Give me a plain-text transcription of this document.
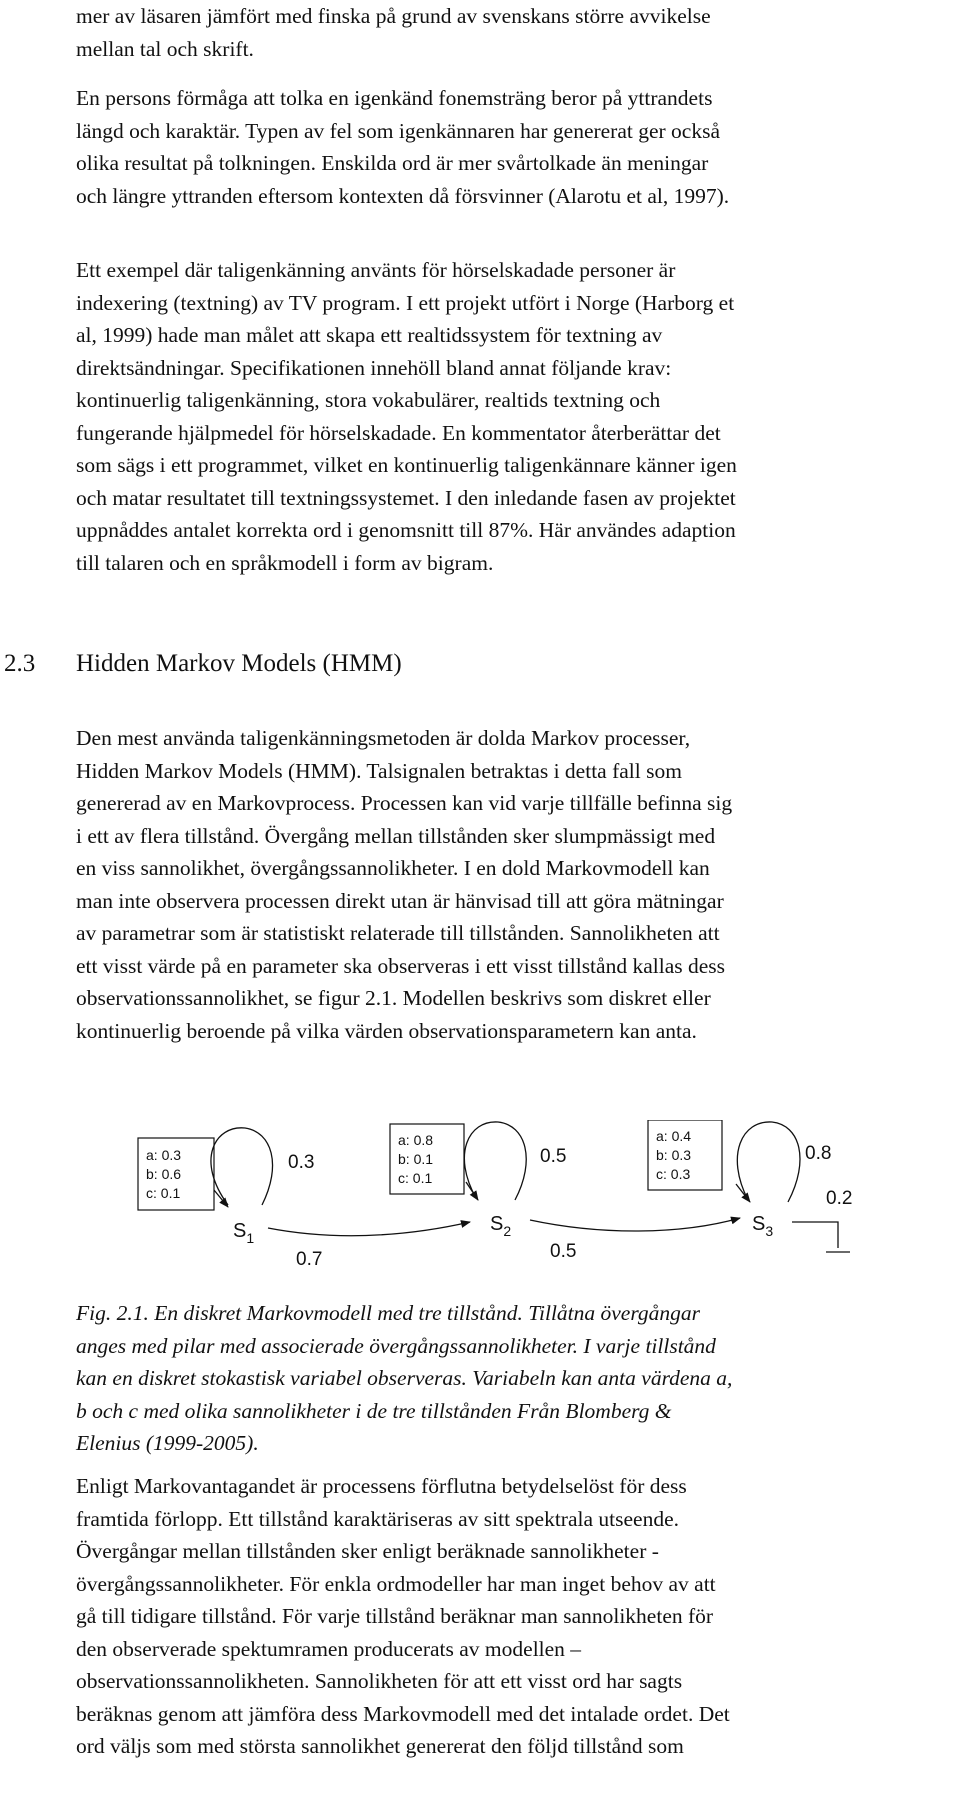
mer av läsaren jämfört med finska på grund av svenskans större avvikelse
mellan tal och skrift.

En persons förmåga att tolka en igenkänd fonemsträng beror på yttrandets
längd och karaktär. Typen av fel som igenkännaren har genererat ger också
olika resultat på tolkningen. Enskilda ord är mer svårtolkade än meningar
och längre yttranden eftersom kontexten då försvinner (Alarotu et al, 1997).

Ett exempel där taligenkänning använts för hörselskadade personer är
indexering (textning) av TV program. I ett projekt utfört i Norge (Harborg et
al, 1999) hade man målet att skapa ett realtidssystem för textning av
direktsändningar. Specifikationen innehöll bland annat följande krav:
kontinuerlig taligenkänning, stora vokabulärer, realtids textning och
fungerande hjälpmedel för hörselskadade. En kommentator återberättar det
som sägs i ett programmet, vilket en kontinuerlig taligenkännare känner igen
och matar resultatet till textningssystemet. I den inledande fasen av projektet
uppnåddes antalet korrekta ord i genomsnitt till 87%. Här användes adaption
till talaren och en språkmodell i form av bigram.

2.3 Hidden Markov Models (HMM)

Den mest använda taligenkänningsmetoden är dolda Markov processer,
Hidden Markov Models (HMM). Talsignalen betraktas i detta fall som
genererad av en Markovprocess. Processen kan vid varje tillfälle befinna sig
i ett av flera tillstånd. Övergång mellan tillstånden sker slumpmässigt med
en viss sannolikhet, övergångssannolikheter. I en dold Markovmodell kan
man inte observera processen direkt utan är hänvisad till att göra mätningar
av parametrar som är statistiskt relaterade till tillstånden. Sannolikheten att
ett visst värde på en parameter ska observeras i ett visst tillstånd kallas dess
observationssannolikhet, se figur 2.1. Modellen beskrivs som diskret eller
kontinuerlig beroende på vilka värden observationsparametern kan anta.

a: 0.3
b: 0.6
c: 0.1
0.3
$S_1$
0.7
a: 0.8
b: 0.1
c: 0.1
0.5
$S_2$
0.5
a: 0.4
b: 0.3
c: 0.3
0.8
$S_3$
0.2

Fig. 2.1. En diskret Markovmodell med tre tillstånd. Tillåtna övergångar
anges med pilar med associerade övergångssannolikheter. I varje tillstånd
kan en diskret stokastisk variabel observeras. Variabeln kan anta värdena a,
b och c med olika sannolikheter i de tre tillstånden Från Blomberg &
Elenius (1999-2005).

Enligt Markovantagandet är processens förflutna betydelselöst för dess
framtida förlopp. Ett tillstånd karaktäriseras av sitt spektrala utseende.
Övergångar mellan tillstånden sker enligt beräknade sannolikheter -
övergångssannolikheter. För enkla ordmodeller har man inget behov av att
gå till tidigare tillstånd. För varje tillstånd beräknar man sannolikheten för
den observerade spektumramen producerats av modellen –
observationssannolikheten. Sannolikheten för att ett visst ord har sagts
beräknas genom att jämföra dess Markovmodell med det intalade ordet. Det
ord väljs som med största sannolikhet genererat den följd tillstånd som
